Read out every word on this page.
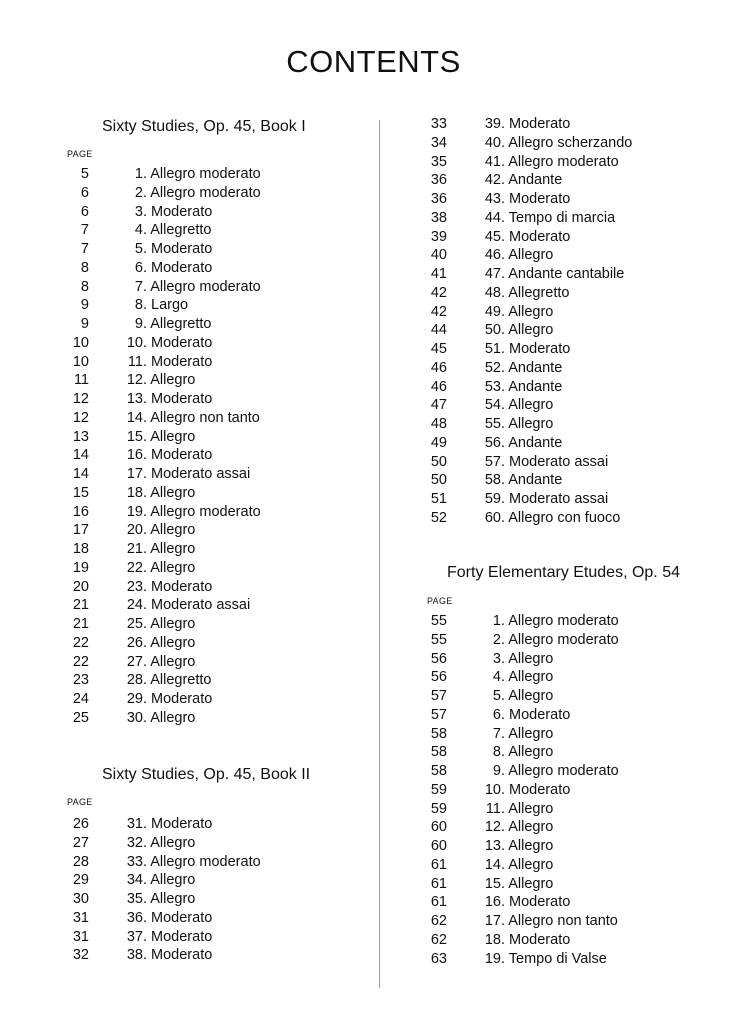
CONTENTS
Sixty Studies, Op. 45, Book I
PAGE
5	1. Allegro moderato
6	2. Allegro moderato
6	3. Moderato
7	4. Allegretto
7	5. Moderato
8	6. Moderato
8	7. Allegro moderato
9	8. Largo
9	9. Allegretto
10	10. Moderato
10	11. Moderato
11	12. Allegro
12	13. Moderato
12	14. Allegro non tanto
13	15. Allegro
14	16. Moderato
14	17. Moderato assai
15	18. Allegro
16	19. Allegro moderato
17	20. Allegro
18	21. Allegro
19	22. Allegro
20	23. Moderato
21	24. Moderato assai
21	25. Allegro
22	26. Allegro
22	27. Allegro
23	28. Allegretto
24	29. Moderato
25	30. Allegro
Sixty Studies, Op. 45, Book II
PAGE
26	31. Moderato
27	32. Allegro
28	33. Allegro moderato
29	34. Allegro
30	35. Allegro
31	36. Moderato
31	37. Moderato
32	38. Moderato
33	39. Moderato
34	40. Allegro scherzando
35	41. Allegro moderato
36	42. Andante
36	43. Moderato
38	44. Tempo di marcia
39	45. Moderato
40	46. Allegro
41	47. Andante cantabile
42	48. Allegretto
42	49. Allegro
44	50. Allegro
45	51. Moderato
46	52. Andante
46	53. Andante
47	54. Allegro
48	55. Allegro
49	56. Andante
50	57. Moderato assai
50	58. Andante
51	59. Moderato assai
52	60. Allegro con fuoco
Forty Elementary Etudes, Op. 54
PAGE
55	1. Allegro moderato
55	2. Allegro moderato
56	3. Allegro
56	4. Allegro
57	5. Allegro
57	6. Moderato
58	7. Allegro
58	8. Allegro
58	9. Allegro moderato
59	10. Moderato
59	11. Allegro
60	12. Allegro
60	13. Allegro
61	14. Allegro
61	15. Allegro
61	16. Moderato
62	17. Allegro non tanto
62	18. Moderato
63	19. Tempo di Valse
